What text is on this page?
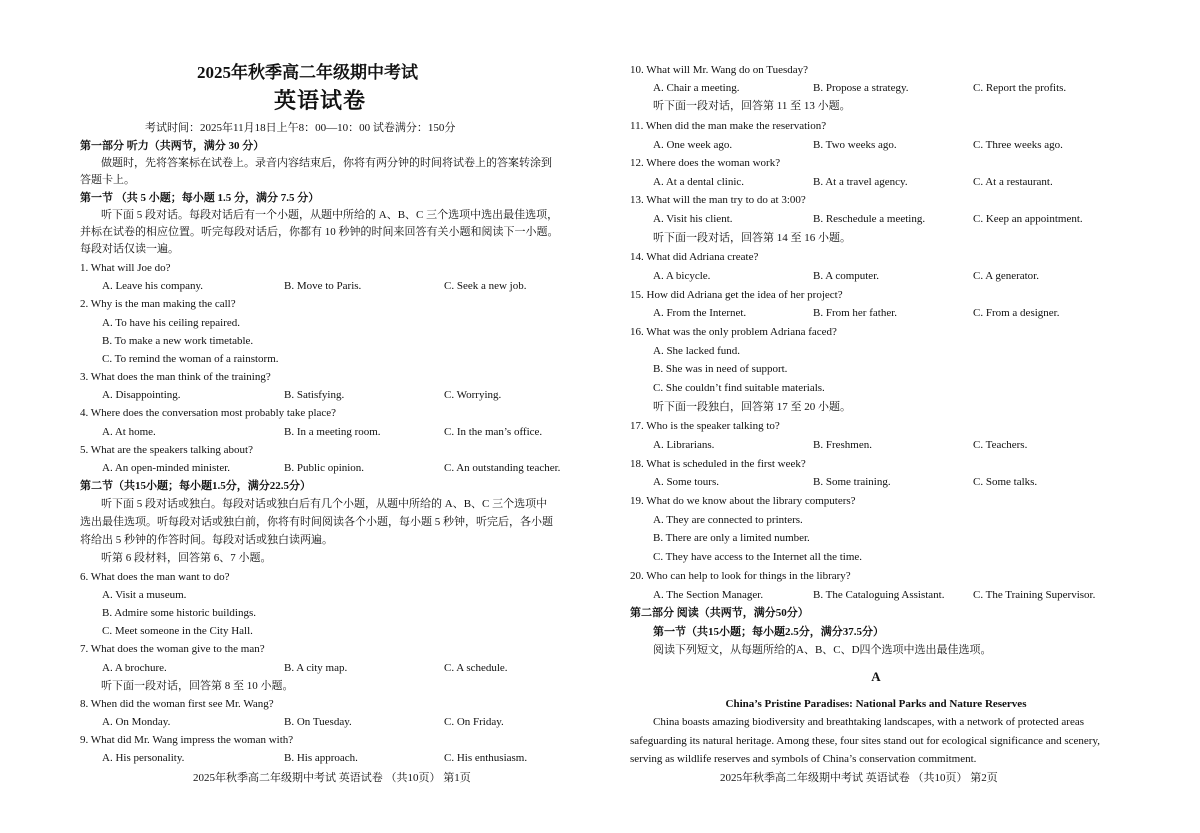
2025年秋季高二年级期中考试
英语试卷
考试时间：2025年11月18日上午8：00—10：00 试卷满分：150分
第一部分 听力（共两节，满分 30 分）
做题时，先将答案标在试卷上。录音内容结束后，你将有两分钟的时间将试卷上的答案转涂到
答题卡上。
第一节 （共 5 小题；每小题 1.5 分，满分 7.5 分）
听下面 5 段对话。每段对话后有一个小题，从题中所给的 A、B、C 三个选项中选出最佳选项，
并标在试卷的相应位置。听完每段对话后，你都有 10 秒钟的时间来回答有关小题和阅读下一小题。
每段对话仅读一遍。
1. What will Joe do?
A. Leave his company.	B. Move to Paris.	C. Seek a new job.
2. Why is the man making the call?
A. To have his ceiling repaired.
B. To make a new work timetable.
C. To remind the woman of a rainstorm.
3. What does the man think of the training?
A. Disappointing.	B. Satisfying.	C. Worrying.
4. Where does the conversation most probably take place?
A. At home.	B. In a meeting room.	C. In the man’s office.
5. What are the speakers talking about?
A. An open-minded minister.	B. Public opinion.	C. An outstanding teacher.
第二节（共15小题；每小题1.5分，满分22.5分）
听下面 5 段对话或独白。每段对话或独白后有几个小题，从题中所给的 A、B、C 三个选项中
选出最佳选项。听每段对话或独白前，你将有时间阅读各个小题，每小题 5 秒钟，听完后，各小题
将给出 5 秒钟的作答时间。每段对话或独白读两遍。
听第 6 段材料，回答第 6、7 小题。
6. What does the man want to do?
A. Visit a museum.
B. Admire some historic buildings.
C. Meet someone in the City Hall.
7. What does the woman give to the man?
A. A brochure.	B. A city map.	C. A schedule.
听下面一段对话，回答第 8 至 10 小题。
8. When did the woman first see Mr. Wang?
A. On Monday.	B. On Tuesday.	C. On Friday.
9. What did Mr. Wang impress the woman with?
A. His personality.	B. His approach.	C. His enthusiasm.
2025年秋季高二年级期中考试 英语试卷 （共10页） 第1页
10. What will Mr. Wang do on Tuesday?
A. Chair a meeting.	B. Propose a strategy.	C. Report the profits.
听下面一段对话，回答第 11 至 13 小题。
11. When did the man make the reservation?
A. One week ago.	B. Two weeks ago.	C. Three weeks ago.
12. Where does the woman work?
A. At a dental clinic.	B. At a travel agency.	C. At a restaurant.
13. What will the man try to do at 3:00?
A. Visit his client.	B. Reschedule a meeting.	C. Keep an appointment.
听下面一段对话，回答第 14 至 16 小题。
14. What did Adriana create?
A. A bicycle.	B. A computer.	C. A generator.
15. How did Adriana get the idea of her project?
A. From the Internet.	B. From her father.	C. From a designer.
16. What was the only problem Adriana faced?
A. She lacked fund.
B. She was in need of support.
C. She couldn’t find suitable materials.
听下面一段独白，回答第 17 至 20 小题。
17. Who is the speaker talking to?
A. Librarians.	B. Freshmen.	C. Teachers.
18. What is scheduled in the first week?
A. Some tours.	B. Some training.	C. Some talks.
19. What do we know about the library computers?
A. They are connected to printers.
B. There are only a limited number.
C. They have access to the Internet all the time.
20. Who can help to look for things in the library?
A. The Section Manager.	B. The Cataloguing Assistant.	C. The Training Supervisor.
第二部分 阅读（共两节，满分50分）
第一节（共15小题；每小题2.5分，满分37.5分）
阅读下列短文，从每题所给的A、B、C、D四个选项中选出最佳选项。
A
China’s Pristine Paradises: National Parks and Nature Reserves
China boasts amazing biodiversity and breathtaking landscapes, with a network of protected areas
safeguarding its natural heritage. Among these, four sites stand out for ecological significance and scenery,
serving as wildlife reserves and symbols of China’s conservation commitment.
2025年秋季高二年级期中考试 英语试卷 （共10页） 第2页
